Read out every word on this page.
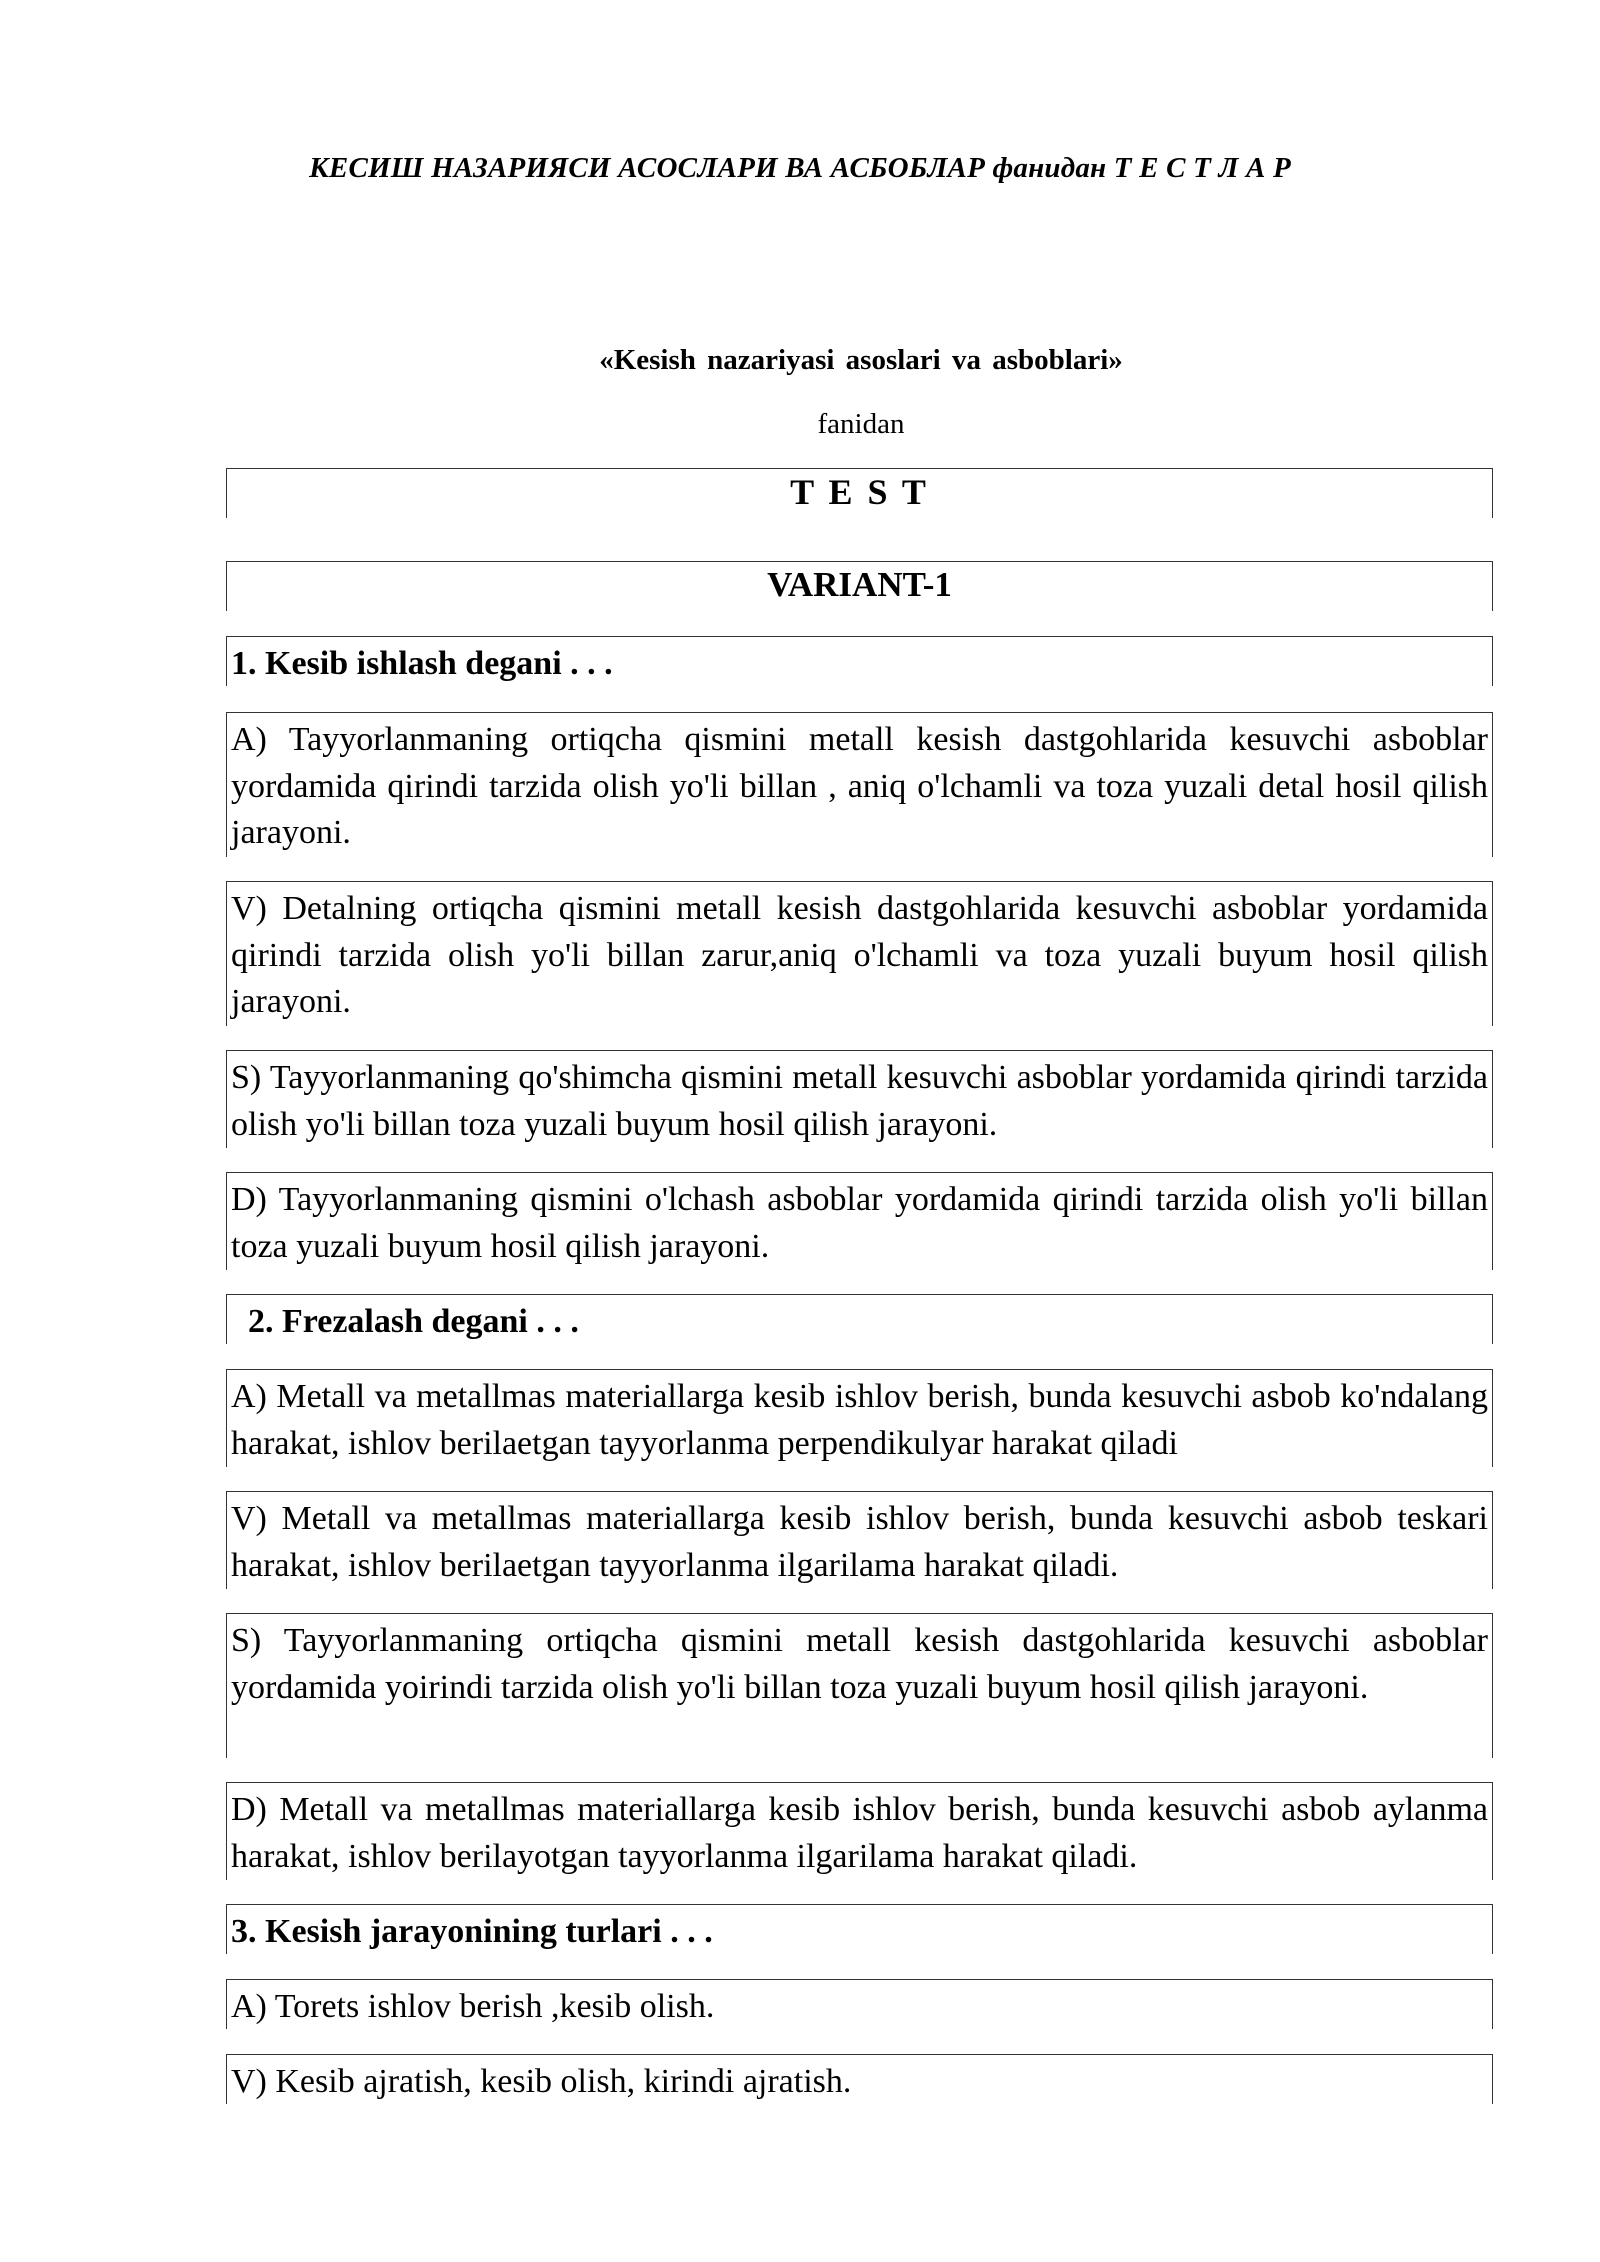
КЕСИШ НАЗАРИЯСИ АСОСЛАРИ ВА АСБОБЛАР фанидан Т Е С Т Л А Р
«Kesish nazariyasi asoslari va asboblari»
fanidan
T E S T
VARIANT-1
1. Kesib ishlash degani . . .
A) Tayyorlanmaning ortiqcha qismini metall kesish dastgohlarida kesuvchi asboblar yordamida qirindi tarzida olish yo'li billan , aniq o'lchamli va toza yuzali detal hosil qilish jarayoni.
V) Detalning ortiqcha qismini metall kesish dastgohlarida kesuvchi asboblar yordamida qirindi tarzida olish yo'li billan zarur,aniq o'lchamli va toza yuzali buyum hosil qilish jarayoni.
S) Tayyorlanmaning qo'shimcha qismini metall kesuvchi asboblar yordamida qirindi tarzida olish yo'li billan toza yuzali buyum hosil qilish jarayoni.
D) Tayyorlanmaning qismini o'lchash asboblar yordamida qirindi tarzida olish yo'li billan toza yuzali buyum hosil qilish jarayoni.
2. Frezalash degani . . .
A) Metall va metallmas materiallarga kesib ishlov berish, bunda kesuvchi asbob ko'ndalang harakat, ishlov berilaetgan tayyorlanma perpendikulyar harakat qiladi
V) Metall va metallmas materiallarga kesib ishlov berish, bunda kesuvchi asbob teskari harakat, ishlov berilaetgan tayyorlanma ilgarilama harakat qiladi.
S) Tayyorlanmaning ortiqcha qismini metall kesish dastgohlarida kesuvchi asboblar yordamida yoirindi tarzida olish yo'li billan toza yuzali buyum hosil qilish jarayoni.
D) Metall va metallmas materiallarga kesib ishlov berish, bunda kesuvchi asbob aylanma harakat, ishlov berilayotgan tayyorlanma ilgarilama harakat qiladi.
3. Kesish jarayonining turlari . . .
A) Torets ishlov berish ,kesib olish.
V) Kesib ajratish, kesib olish, kirindi ajratish.
